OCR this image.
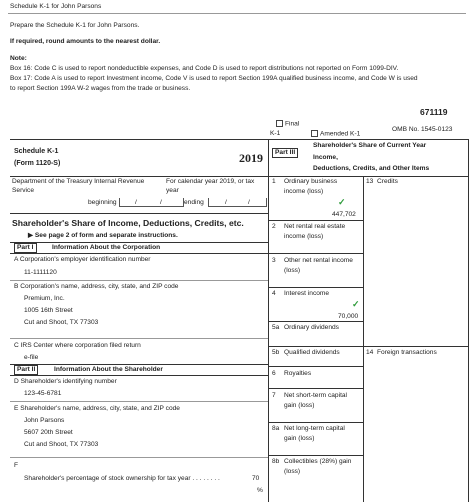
Schedule K-1 for John Parsons
Prepare the Schedule K-1 for John Parsons.
If required, round amounts to the nearest dollar.
Note:
Box 16: Code C is used to report nondeductible expenses, and Code D is used to report distributions not reported on Form 1099-DIV.
Box 17: Code A is used to report Investment income, Code V is used to report Section 199A qualified business income, and Code W is used
to report Section 199A W-2 wages from the trade or business.
671119
Final
K-1	Amended K-1
OMB No. 1545-0123
Schedule K-1
(Form 1120-S)	2019	Part III
Shareholder's Share of Current Year
Income,
Deductions, Credits, and Other Items
Department of the Treasury Internal Revenue
Service
For calendar year 2019, or tax
year
beginning	/	/	ending	/	/
Shareholder's Share of Income, Deductions, Credits, etc.
▶ See page 2 of form and separate instructions.
Part I	Information About the Corporation
A Corporation's employer identification number
11-1111120
B Corporation's name, address, city, state, and ZIP code
Premium, Inc.
1005 16th Street
Cut and Shoot, TX 77303
C IRS Center where corporation filed return
e-file
Part II	Information About the Shareholder
D Shareholder's identifying number
123-45-6781
E Shareholder's name, address, city, state, and ZIP code
John Parsons
5607 20th Street
Cut and Shoot, TX 77303
F
Shareholder's percentage of stock ownership for tax year . . . . . . . .	70
%
1 Ordinary business
income (loss)
✓
447,702
13 Credits
2 Net rental real estate
income (loss)
3 Other net rental income
(loss)
4 Interest income
✓
70,000
5a Ordinary dividends
5b Qualified dividends	14 Foreign transactions
6 Royalties
7 Net short-term capital
gain (loss)
8a Net long-term capital
gain (loss)
8b Collectibles (28%) gain
(loss)
